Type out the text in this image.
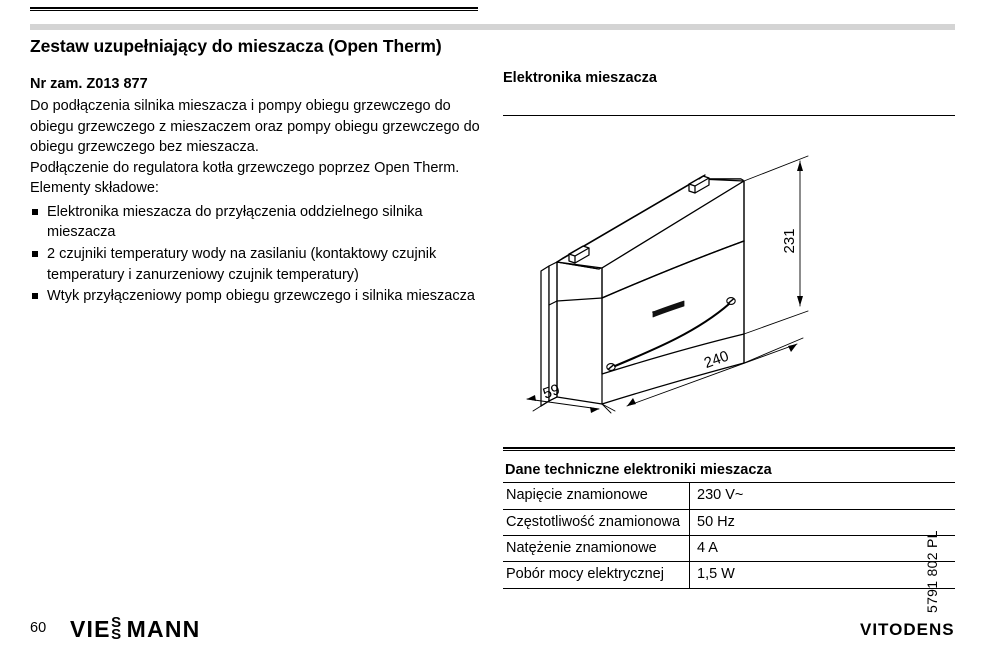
Zestaw uzupełniający do mieszacza (Open Therm)
Nr zam. Z013 877

Do podłączenia silnika mieszacza i pompy obiegu grzewczego do obiegu grzewczego z mieszaczem oraz pompy obiegu grzewczego do obiegu grzewczego bez mieszacza.

Podłączenie do regulatora kotła grzewczego poprzez Open Therm.

Elementy składowe:

Elektronika mieszacza do przyłączenia oddzielnego silnika mieszacza
2 czujniki temperatury wody na zasilaniu (kontaktowy czujnik temperatury i zanurzeniowy czujnik temperatury)
Wtyk przyłączeniowy pomp obiegu grzewczego i silnika mieszacza
Elektronika mieszacza
231
240
59
Dane techniczne elektroniki mieszacza
Napięcie znamionowe	230 V~
Częstotliwość znamionowa	50 Hz
Natężenie znamionowe	4 A
Pobór mocy elektrycznej	1,5 W	5791 802 PL
60 VIE S
S MANN	VITODENS
